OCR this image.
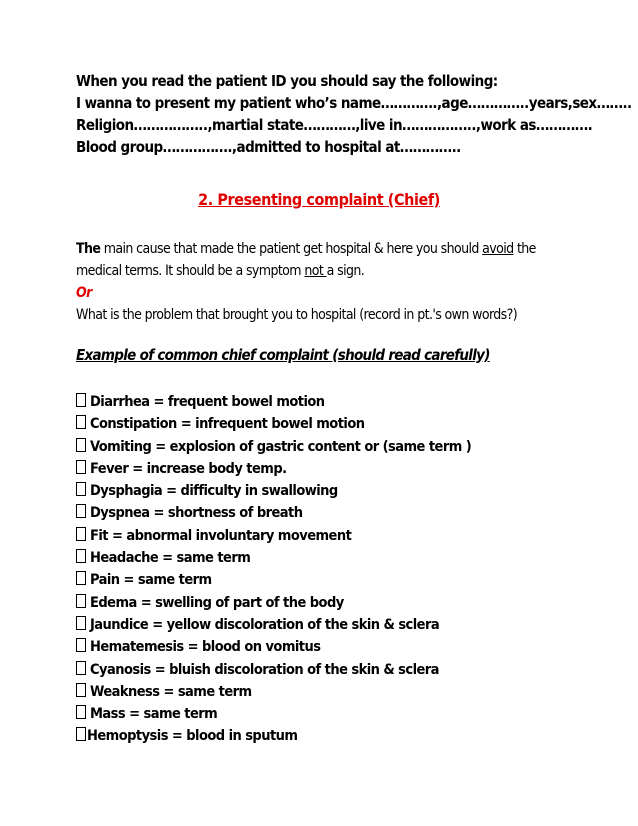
When you read the patient ID you should say the following:
I wanna to present my patient who’s name………….,age…………..years,sex……..
Religion……………..,martial state…………,live in……………..,work as………….
Blood group…………….,admitted to hospital at…………..
2. Presenting complaint (Chief)
The main cause that made the patient get hospital & here you should avoid the
medical terms. It should be a symptom not a sign.
Or
What is the problem that brought you to hospital (record in pt.'s own words?)
Example of common chief complaint (should read carefully)
Diarrhea = frequent bowel motion
Constipation = infrequent bowel motion
Vomiting = explosion of gastric content or (same term )
Fever = increase body temp.
Dysphagia = difficulty in swallowing
Dyspnea = shortness of breath
Fit = abnormal involuntary movement
Headache = same term
Pain = same term
Edema = swelling of part of the body
Jaundice = yellow discoloration of the skin & sclera
Hematemesis = blood on vomitus
Cyanosis = bluish discoloration of the skin & sclera
Weakness = same term
Mass = same term
Hemoptysis = blood in sputum
